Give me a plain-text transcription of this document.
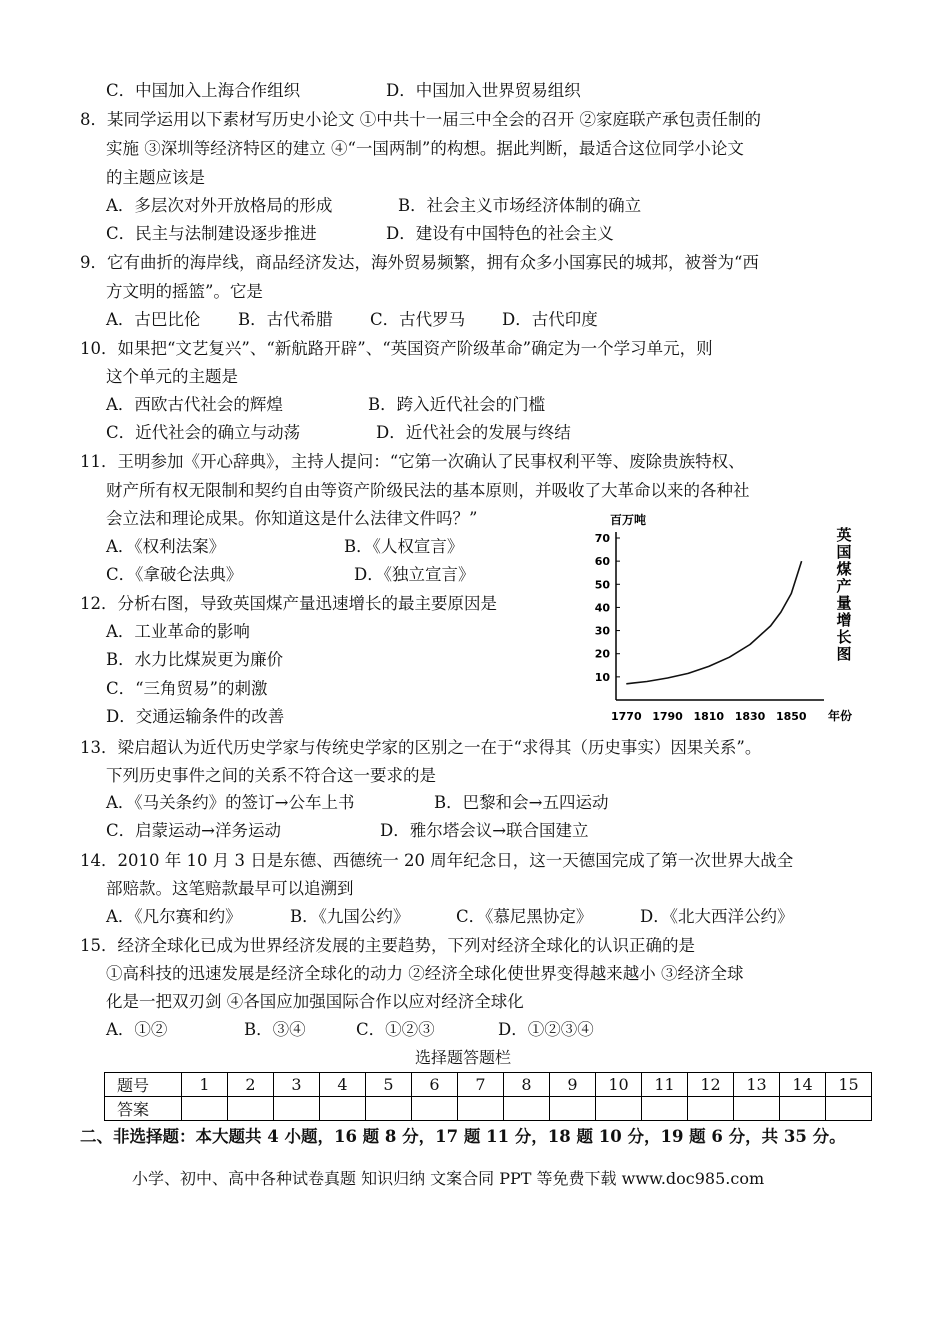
C．中国加入上海合作组织	D．中国加入世界贸易组织
8．某同学运用以下素材写历史小论文 ①中共十一届三中全会的召开 ②家庭联产承包责任制的
实施 ③深圳等经济特区的建立 ④“一国两制”的构想。据此判断，最适合这位同学小论文
的主题应该是
A．多层次对外开放格局的形成	B．社会主义市场经济体制的确立
C．民主与法制建设逐步推进	D．建设有中国特色的社会主义
9．它有曲折的海岸线，商品经济发达，海外贸易频繁，拥有众多小国寡民的城邦，被誉为“西
方文明的摇篮”。它是
A．古巴比伦 B．古代希腊 C．古代罗马 D．古代印度
10．如果把“文艺复兴”、“新航路开辟”、“英国资产阶级革命”确定为一个学习单元，则
这个单元的主题是
A．西欧古代社会的辉煌	B．跨入近代社会的门槛
C．近代社会的确立与动荡	D．近代社会的发展与终结
11．王明参加《开心辞典》，主持人提问：“它第一次确认了民事权利平等、废除贵族特权、
财产所有权无限制和契约自由等资产阶级民法的基本原则，并吸收了大革命以来的各种社
会立法和理论成果。你知道这是什么法律文件吗？”
A．《权利法案》	B．《人权宣言》
C．《拿破仑法典》	D．《独立宣言》
12．分析右图，导致英国煤产量迅速增长的最主要原因是
A．工业革命的影响
B．水力比煤炭更为廉价
C．“三角贸易”的刺激
D．交通运输条件的改善
10
20
30
40
50
60
70
1770 1790 1810 1830 1850
百万吨
年份
英国煤产量增长图
13．梁启超认为近代历史学家与传统史学家的区别之一在于“求得其（历史事实）因果关系”。
下列历史事件之间的关系不符合这一要求的是
A．《马关条约》的签订→公车上书	B．巴黎和会→五四运动
C．启蒙运动→洋务运动	D．雅尔塔会议→联合国建立
14．2010 年 10 月 3 日是东德、西德统一 20 周年纪念日，这一天德国完成了第一次世界大战全
部赔款。这笔赔款最早可以追溯到
A．《凡尔赛和约》	B．《九国公约》	C．《慕尼黑协定》	D．《北大西洋公约》
15．经济全球化已成为世界经济发展的主要趋势，下列对经济全球化的认识正确的是
①高科技的迅速发展是经济全球化的动力 ②经济全球化使世界变得越来越小 ③经济全球
化是一把双刃剑 ④各国应加强国际合作以应对经济全球化
A．①②	B．③④	C．①②③	D．①②③④
选择题答题栏
题号	1	2	3	4	5	6	7	8	9	10	11	12	13	14	15
答案															
二、非选择题：本大题共 4 小题，16 题 8 分，17 题 11 分，18 题 10 分，19 题 6 分，共 35 分。
小学、初中、高中各种试卷真题 知识归纳 文案合同 PPT 等免费下载 www.doc985.com
